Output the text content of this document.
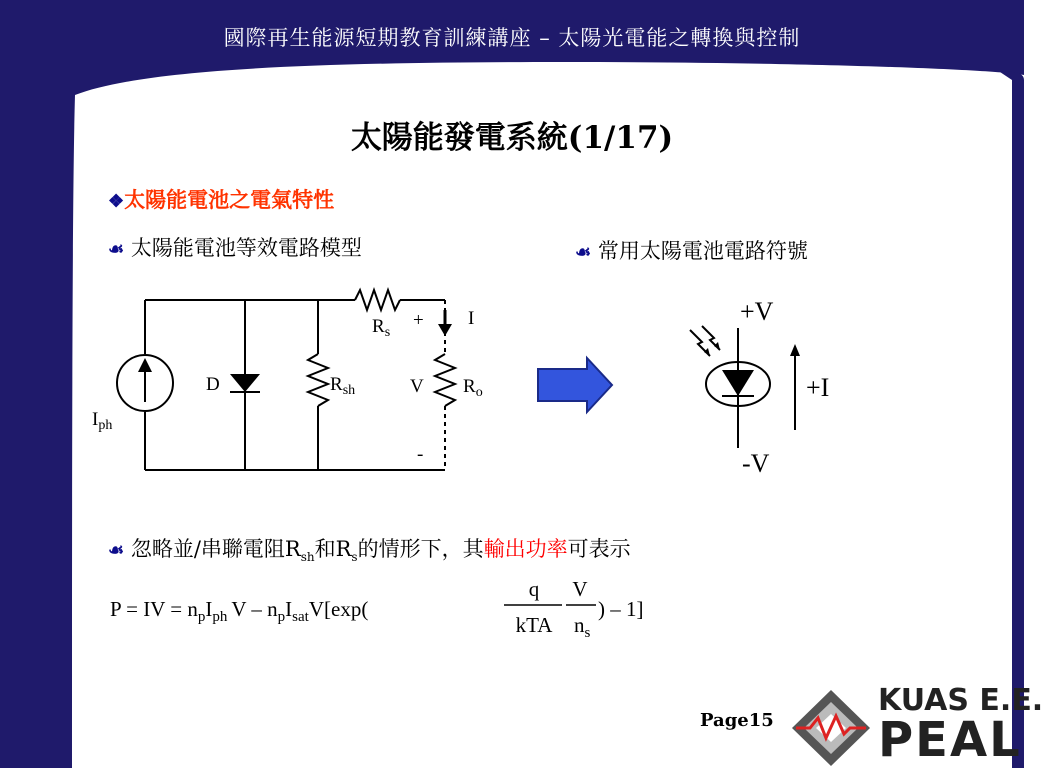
國際再生能源短期教育訓練講座 – 太陽光電能之轉換與控制
太陽能發電系統(1/17)
❖太陽能電池之電氣特性
☙ 太陽能電池等效電路模型	☙ 常用太陽電池電路符號
$I_{ph}$
D	$R_{sh}$
$R_s$
+ I
V $R_o$
-
+V
-V
+I
☙ 忽略並/串聯電阻$R_{sh}$和$R_s$的情形下，其輸出功率可表示
P = IV = $n_pI_{ph}$ V – $n_pI_{sat}V[\exp$(
q
kTA
V
$n_s$
) – 1]
Page15
KUAS E.E.
PEAL
